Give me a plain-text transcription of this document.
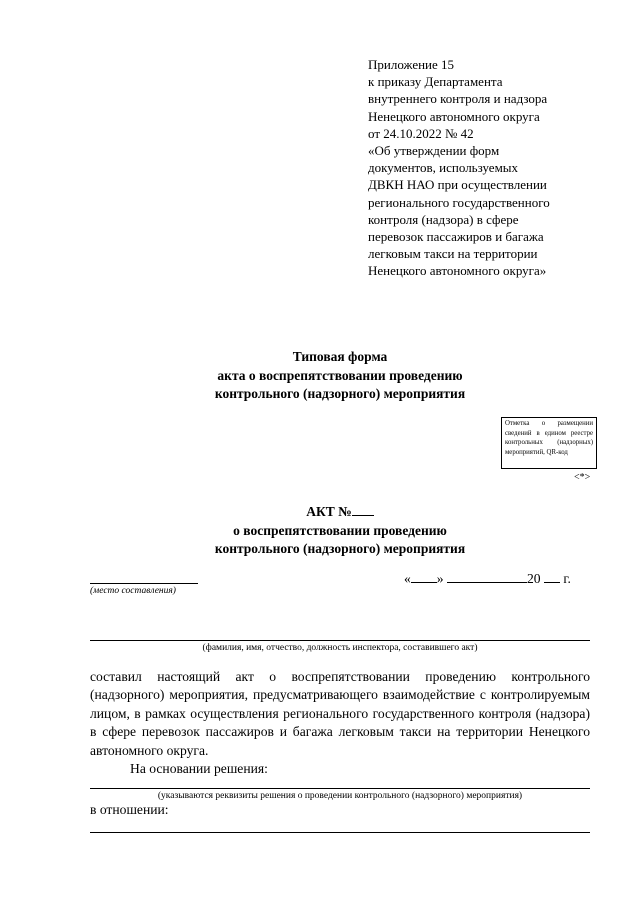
Приложение 15
к приказу Департамента
внутреннего контроля и надзора
Ненецкого автономного округа
от 24.10.2022 № 42
«Об утверждении форм
документов, используемых
ДВКН НАО при осуществлении
регионального государственного
контроля (надзора) в сфере
перевозок пассажиров и багажа
легковым такси на территории
Ненецкого автономного округа»
Типовая форма
акта о воспрепятствовании проведению
контрольного (надзорного) мероприятия
Отметка о размещении сведений в едином реестре контрольных (надзорных) мероприятий, QR-код
<*>
АКТ №
о воспрепятствовании проведению
контрольного (надзорного) мероприятия
(место составления)
« »	20 г.
(фамилия, имя, отчество, должность инспектора, составившего акт)

составил настоящий акт о воспрепятствовании проведению контрольного (надзорного) мероприятия, предусматривающего взаимодействие с контролируемым лицом, в рамках осуществления регионального государственного контроля (надзора) в сфере перевозок пассажиров и багажа легковым такси на территории Ненецкого автономного округа.

На основании решения:

(указываются реквизиты решения о проведении контрольного (надзорного) мероприятия)
в отношении:
